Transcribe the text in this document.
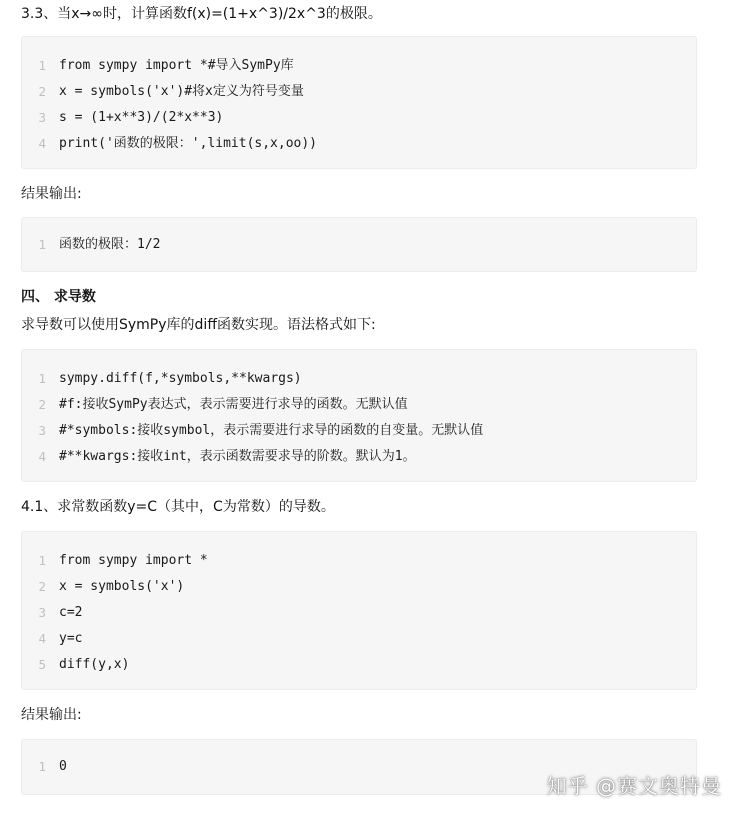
3.3、当x→∞时，计算函数f(x)=(1+x^3)/2x^3的极限。
1 from sympy import *#导入SymPy库
2 x = symbols('x')#将x定义为符号变量
3 s = (1+x**3)/(2*x**3)
4 print('函数的极限：',limit(s,x,oo))
结果输出:
1 函数的极限：1/2
四、 求导数
求导数可以使用SymPy库的diff函数实现。语法格式如下:
1 sympy.diff(f,*symbols,**kwargs)
2 #f:接收SymPy表达式，表示需要进行求导的函数。无默认值
3 #*symbols:接收symbol，表示需要进行求导的函数的自变量。无默认值
4 #**kwargs:接收int，表示函数需要求导的阶数。默认为1。
4.1、求常数函数y=C（其中，C为常数）的导数。
1 from sympy import *
2 x = symbols('x')
3 c=2
4 y=c
5 diff(y,x)
结果输出:
1 0
知乎 @赛文奥特曼
